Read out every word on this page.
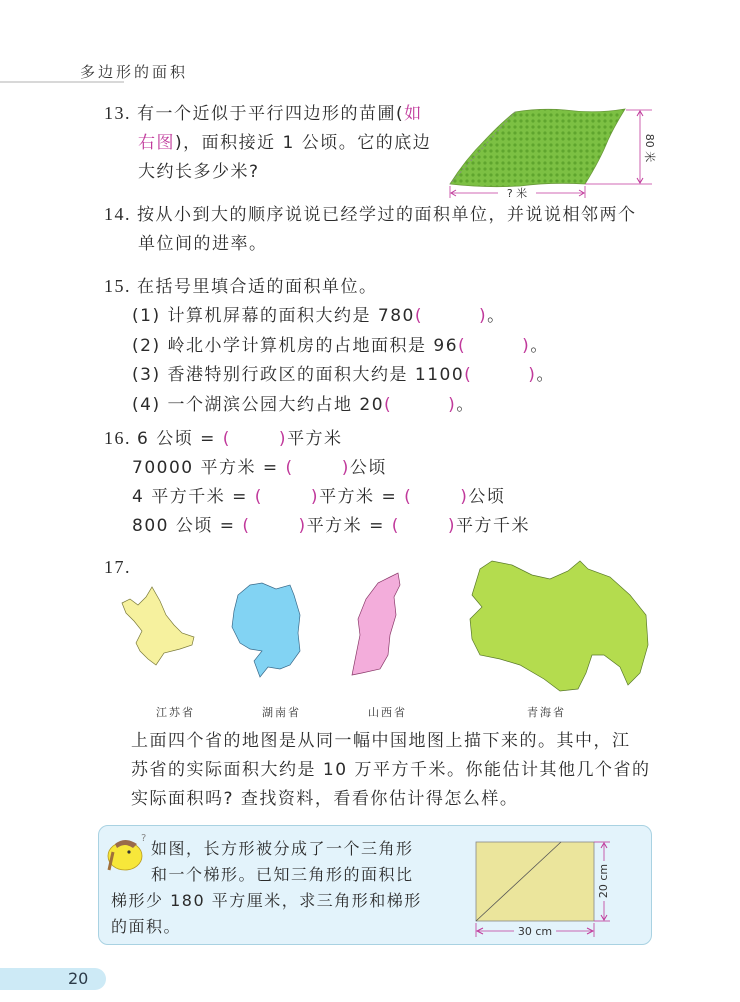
多边形的面积
13. 有一个近似于平行四边形的苗圃(如
右图)，面积接近 1 公顷。它的底边
大约长多少米?
80 米
? 米
14. 按从小到大的顺序说说已经学过的面积单位，并说说相邻两个
单位间的进率。
15. 在括号里填合适的面积单位。
(1) 计算机屏幕的面积大约是 780(	)。
(2) 岭北小学计算机房的占地面积是 96(	)。
(3) 香港特别行政区的面积大约是 1100(	)。
(4) 一个湖滨公园大约占地 20(	)。
16. 6 公顷 = (	)平方米
70000 平方米 = (	)公顷
4 平方千米 = (	)平方米 = (	)公顷
800 公顷 = (	)平方米 = (	)平方千米
17.
江苏省	湖南省	山西省	青海省
上面四个省的地图是从同一幅中国地图上描下来的。其中，江
苏省的实际面积大约是 10 万平方千米。你能估计其他几个省的
实际面积吗? 查找资料，看看你估计得怎么样。
?
如图，长方形被分成了一个三角形
和一个梯形。已知三角形的面积比
梯形少 180 平方厘米，求三角形和梯形
的面积。
20 cm
30 cm
20
